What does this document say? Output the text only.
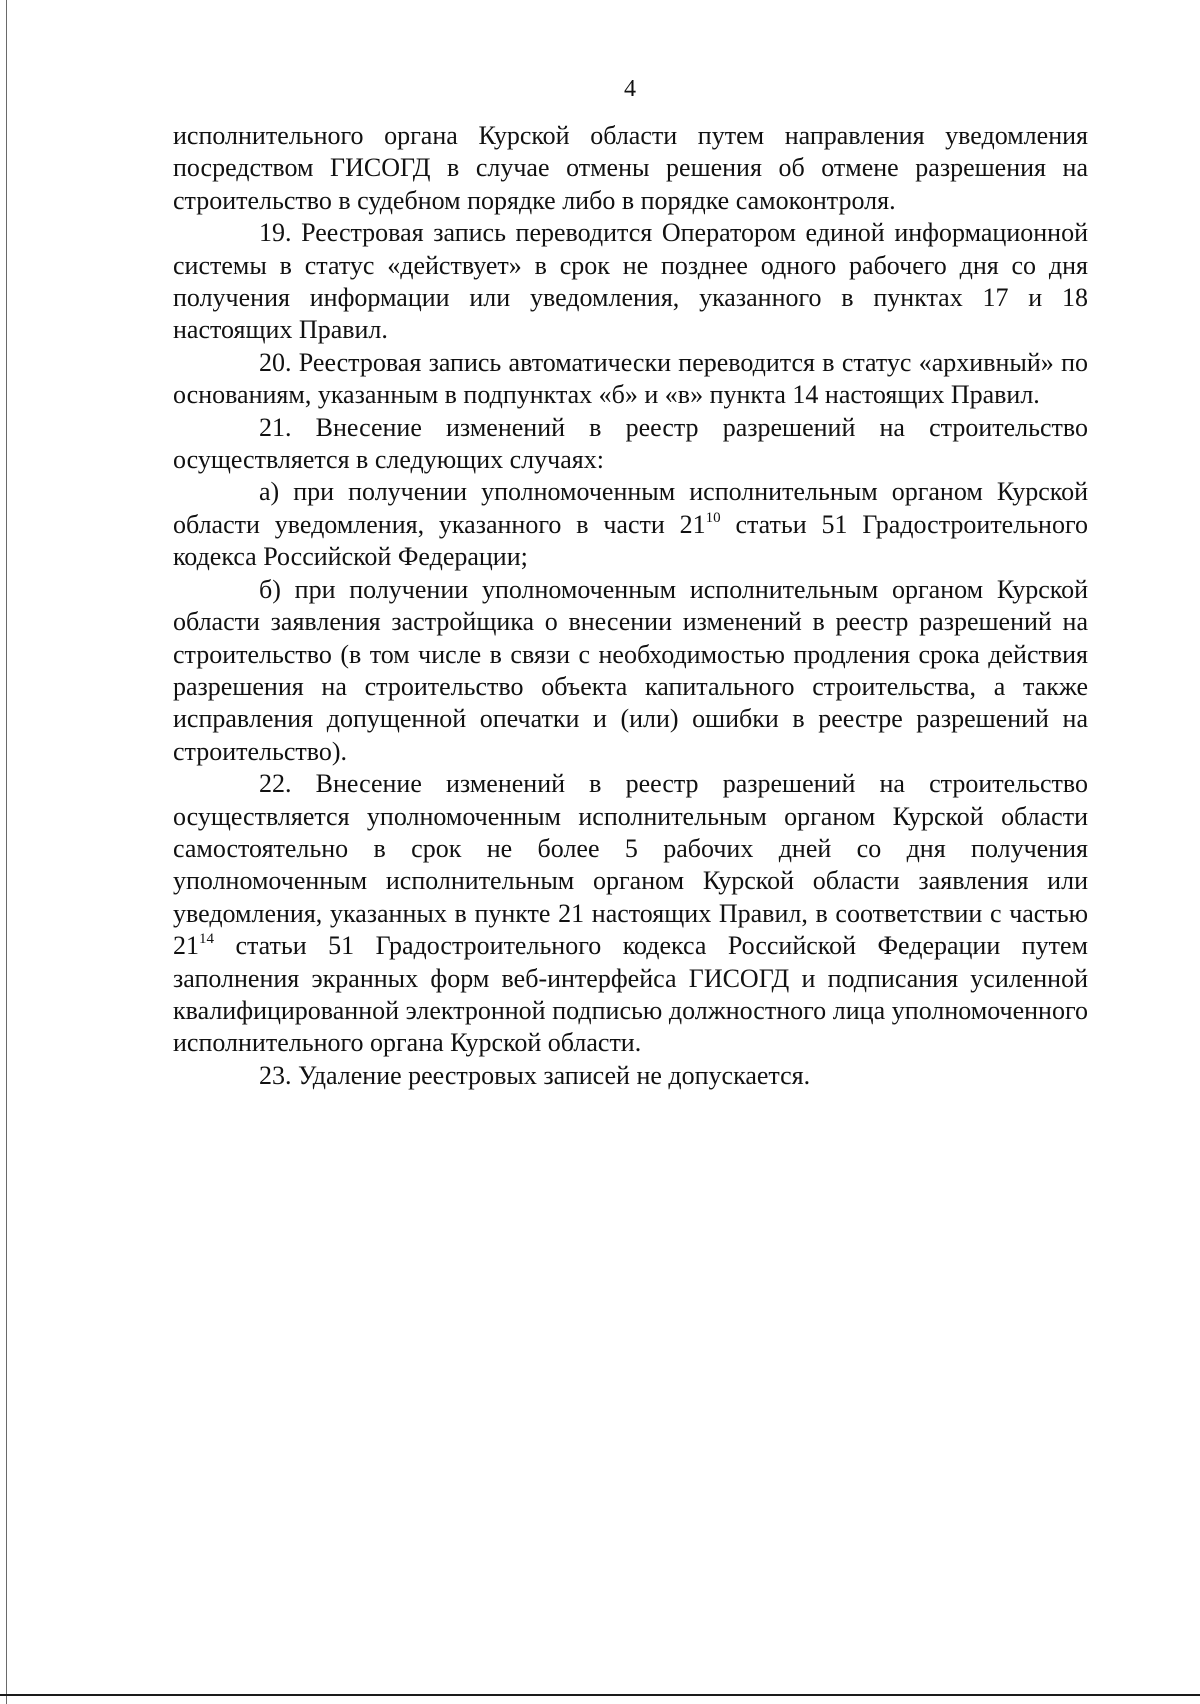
4

исполнительного органа Курской области путем направления уведомления посредством ГИСОГД в случае отмены решения об отмене разрешения на строительство в судебном порядке либо в порядке самоконтроля.

19. Реестровая запись переводится Оператором единой информационной системы в статус «действует» в срок не позднее одного рабочего дня со дня получения информации или уведомления, указанного в пунктах 17 и 18 настоящих Правил.

20. Реестровая запись автоматически переводится в статус «архивный» по основаниям, указанным в подпунктах «б» и «в» пункта 14 настоящих Правил.

21. Внесение изменений в реестр разрешений на строительство осуществляется в следующих случаях:

а) при получении уполномоченным исполнительным органом Курской области уведомления, указанного в части $21^{10}$ статьи 51 Градостроительного кодекса Российской Федерации;

б) при получении уполномоченным исполнительным органом Курской области заявления застройщика о внесении изменений в реестр разрешений на строительство (в том числе в связи с необходимостью продления срока действия разрешения на строительство объекта капитального строительства, а также исправления допущенной опечатки и (или) ошибки в реестре разрешений на строительство).

22. Внесение изменений в реестр разрешений на строительство осуществляется уполномоченным исполнительным органом Курской области самостоятельно в срок не более 5 рабочих дней со дня получения уполномоченным исполнительным органом Курской области заявления или уведомления, указанных в пункте 21 настоящих Правил, в соответствии с частью $21^{14}$ статьи 51 Градостроительного кодекса Российской Федерации путем заполнения экранных форм веб-интерфейса ГИСОГД и подписания усиленной квалифицированной электронной подписью должностного лица уполномоченного исполнительного органа Курской области.

23. Удаление реестровых записей не допускается.
